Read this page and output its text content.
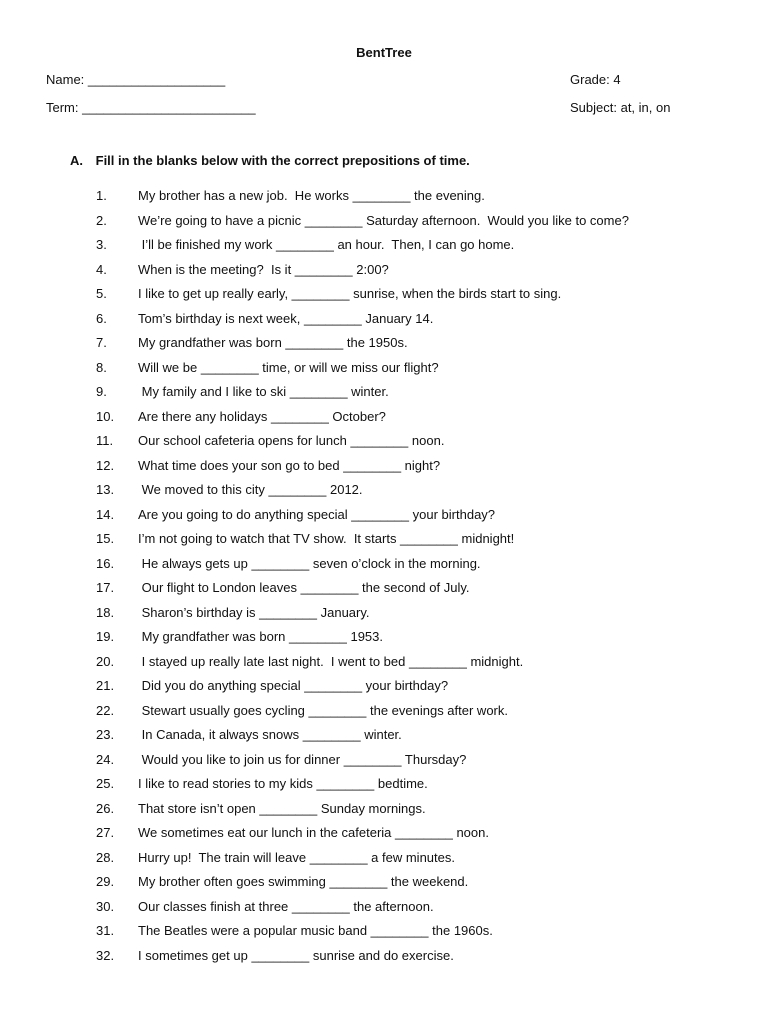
BentTree
Name: ___________________	Grade: 4
Term: ________________________	Subject: at, in, on
A. Fill in the blanks below with the correct prepositions of time.
1. My brother has a new job.  He works ________ the evening.
2. We’re going to have a picnic ________ Saturday afternoon.  Would you like to come?
3. I’ll be finished my work ________ an hour.  Then, I can go home.
4. When is the meeting?  Is it ________ 2:00?
5. I like to get up really early, ________ sunrise, when the birds start to sing.
6. Tom’s birthday is next week, ________ January 14.
7. My grandfather was born ________ the 1950s.
8. Will we be ________ time, or will we miss our flight?
9. My family and I like to ski ________ winter.
10. Are there any holidays ________ October?
11. Our school cafeteria opens for lunch ________ noon.
12. What time does your son go to bed ________ night?
13. We moved to this city ________ 2012.
14. Are you going to do anything special ________ your birthday?
15. I’m not going to watch that TV show.  It starts ________ midnight!
16. He always gets up ________ seven o’clock in the morning.
17. Our flight to London leaves ________ the second of July.
18. Sharon’s birthday is ________ January.
19. My grandfather was born ________ 1953.
20. I stayed up really late last night.  I went to bed ________ midnight.
21. Did you do anything special ________ your birthday?
22. Stewart usually goes cycling ________ the evenings after work.
23. In Canada, it always snows ________ winter.
24. Would you like to join us for dinner ________ Thursday?
25. I like to read stories to my kids ________ bedtime.
26. That store isn’t open ________ Sunday mornings.
27. We sometimes eat our lunch in the cafeteria ________ noon.
28. Hurry up!  The train will leave ________ a few minutes.
29. My brother often goes swimming ________ the weekend.
30. Our classes finish at three ________ the afternoon.
31. The Beatles were a popular music band ________ the 1960s.
32. I sometimes get up ________ sunrise and do exercise.
